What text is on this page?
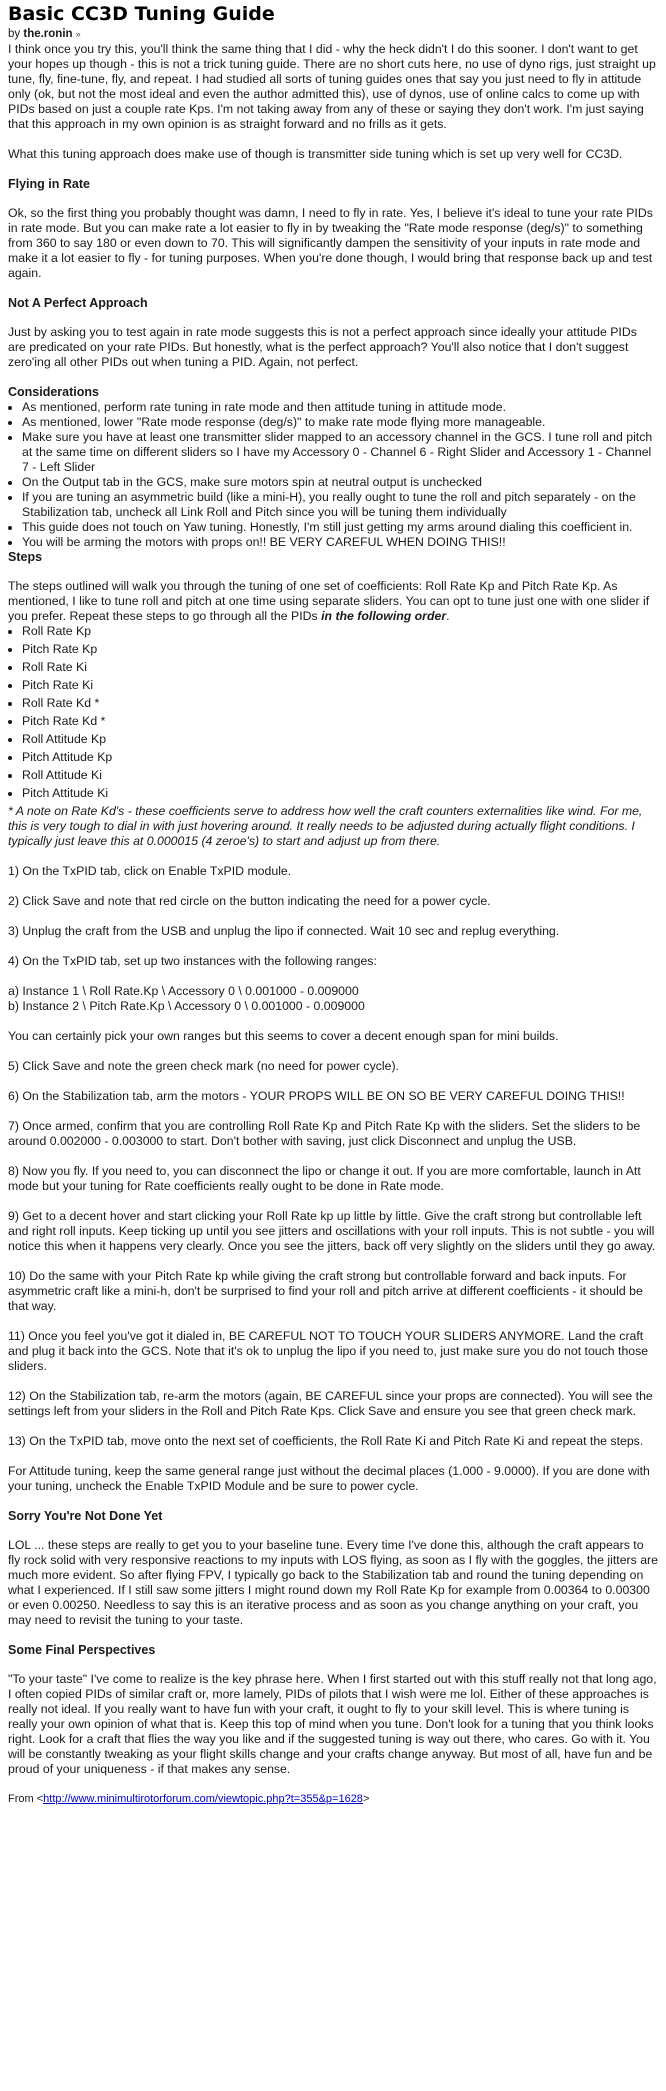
Basic CC3D Tuning Guide
by the.ronin »

I think once you try this, you'll think the same thing that I did - why the heck didn't I do this sooner. I don't want to get your hopes up though - this is not a trick tuning guide. There are no short cuts here, no use of dyno rigs, just straight up tune, fly, fine-tune, fly, and repeat. I had studied all sorts of tuning guides ones that say you just need to fly in attitude only (ok, but not the most ideal and even the author admitted this), use of dynos, use of online calcs to come up with PIDs based on just a couple rate Kps. I'm not taking away from any of these or saying they don't work. I'm just saying that this approach in my own opinion is as straight forward and no frills as it gets.

What this tuning approach does make use of though is transmitter side tuning which is set up very well for CC3D.

Flying in Rate

Ok, so the first thing you probably thought was damn, I need to fly in rate. Yes, I believe it's ideal to tune your rate PIDs in rate mode. But you can make rate a lot easier to fly in by tweaking the "Rate mode response (deg/s)" to something from 360 to say 180 or even down to 70. This will significantly dampen the sensitivity of your inputs in rate mode and make it a lot easier to fly - for tuning purposes. When you're done though, I would bring that response back up and test again.

Not A Perfect Approach

Just by asking you to test again in rate mode suggests this is not a perfect approach since ideally your attitude PIDs are predicated on your rate PIDs. But honestly, what is the perfect approach? You'll also notice that I don't suggest zero'ing all other PIDs out when tuning a PID. Again, not perfect.

Considerations
• As mentioned, perform rate tuning in rate mode and then attitude tuning in attitude mode.
• As mentioned, lower "Rate mode response (deg/s)" to make rate mode flying more manageable.
• Make sure you have at least one transmitter slider mapped to an accessory channel in the GCS. I tune roll and pitch at the same time on different sliders so I have my Accessory 0 - Channel 6 - Right Slider and Accessory 1 - Channel 7 - Left Slider
• On the Output tab in the GCS, make sure motors spin at neutral output is unchecked
• If you are tuning an asymmetric build (like a mini-H), you really ought to tune the roll and pitch separately - on the Stabilization tab, uncheck all Link Roll and Pitch since you will be tuning them individually
• This guide does not touch on Yaw tuning. Honestly, I'm still just getting my arms around dialing this coefficient in.
• You will be arming the motors with props on!! BE VERY CAREFUL WHEN DOING THIS!!
Steps

The steps outlined will walk you through the tuning of one set of coefficients: Roll Rate Kp and Pitch Rate Kp. As mentioned, I like to tune roll and pitch at one time using separate sliders. You can opt to tune just one with one slider if you prefer. Repeat these steps to go through all the PIDs in the following order.

• Roll Rate Kp
• Pitch Rate Kp
• Roll Rate Ki
• Pitch Rate Ki
• Roll Rate Kd *
• Pitch Rate Kd *
• Roll Attitude Kp
• Pitch Attitude Kp
• Roll Attitude Ki
• Pitch Attitude Ki

* A note on Rate Kd's - these coefficients serve to address how well the craft counters externalities like wind. For me, this is very tough to dial in with just hovering around. It really needs to be adjusted during actually flight conditions. I typically just leave this at 0.000015 (4 zeroe's) to start and adjust up from there.

1) On the TxPID tab, click on Enable TxPID module.

2) Click Save and note that red circle on the button indicating the need for a power cycle.

3) Unplug the craft from the USB and unplug the lipo if connected. Wait 10 sec and replug everything.

4) On the TxPID tab, set up two instances with the following ranges:

a) Instance 1 \ Roll Rate.Kp \ Accessory 0 \ 0.001000 - 0.009000

b) Instance 2 \ Pitch Rate.Kp \ Accessory 0 \ 0.001000 - 0.009000

You can certainly pick your own ranges but this seems to cover a decent enough span for mini builds.

5) Click Save and note the green check mark (no need for power cycle).

6) On the Stabilization tab, arm the motors - YOUR PROPS WILL BE ON SO BE VERY CAREFUL DOING THIS!!

7) Once armed, confirm that you are controlling Roll Rate Kp and Pitch Rate Kp with the sliders. Set the sliders to be around 0.002000 - 0.003000 to start. Don't bother with saving, just click Disconnect and unplug the USB.

8) Now you fly. If you need to, you can disconnect the lipo or change it out. If you are more comfortable, launch in Att mode but your tuning for Rate coefficients really ought to be done in Rate mode.

9) Get to a decent hover and start clicking your Roll Rate kp up little by little. Give the craft strong but controllable left and right roll inputs. Keep ticking up until you see jitters and oscillations with your roll inputs. This is not subtle - you will notice this when it happens very clearly. Once you see the jitters, back off very slightly on the sliders until they go away.

10) Do the same with your Pitch Rate kp while giving the craft strong but controllable forward and back inputs. For asymmetric craft like a mini-h, don't be surprised to find your roll and pitch arrive at different coefficients - it should be that way.

11) Once you feel you've got it dialed in, BE CAREFUL NOT TO TOUCH YOUR SLIDERS ANYMORE. Land the craft and plug it back into the GCS. Note that it's ok to unplug the lipo if you need to, just make sure you do not touch those sliders.

12) On the Stabilization tab, re-arm the motors (again, BE CAREFUL since your props are connected). You will see the settings left from your sliders in the Roll and Pitch Rate Kps. Click Save and ensure you see that green check mark.

13) On the TxPID tab, move onto the next set of coefficients, the Roll Rate Ki and Pitch Rate Ki and repeat the steps.

For Attitude tuning, keep the same general range just without the decimal places (1.000 - 9.0000). If you are done with your tuning, uncheck the Enable TxPID Module and be sure to power cycle.

Sorry You're Not Done Yet

LOL ... these steps are really to get you to your baseline tune. Every time I've done this, although the craft appears to fly rock solid with very responsive reactions to my inputs with LOS flying, as soon as I fly with the goggles, the jitters are much more evident. So after flying FPV, I typically go back to the Stabilization tab and round the tuning depending on what I experienced. If I still saw some jitters I might round down my Roll Rate Kp for example from 0.00364 to 0.00300 or even 0.00250. Needless to say this is an iterative process and as soon as you change anything on your craft, you may need to revisit the tuning to your taste.

Some Final Perspectives

"To your taste" I've come to realize is the key phrase here. When I first started out with this stuff really not that long ago, I often copied PIDs of similar craft or, more lamely, PIDs of pilots that I wish were me lol. Either of these approaches is really not ideal. If you really want to have fun with your craft, it ought to fly to your skill level. This is where tuning is really your own opinion of what that is. Keep this top of mind when you tune. Don't look for a tuning that you think looks right. Look for a craft that flies the way you like and if the suggested tuning is way out there, who cares. Go with it. You will be constantly tweaking as your flight skills change and your crafts change anyway. But most of all, have fun and be proud of your uniqueness - if that makes any sense.

From <http://www.minimultirotorforum.com/viewtopic.php?t=355&p=1628>
